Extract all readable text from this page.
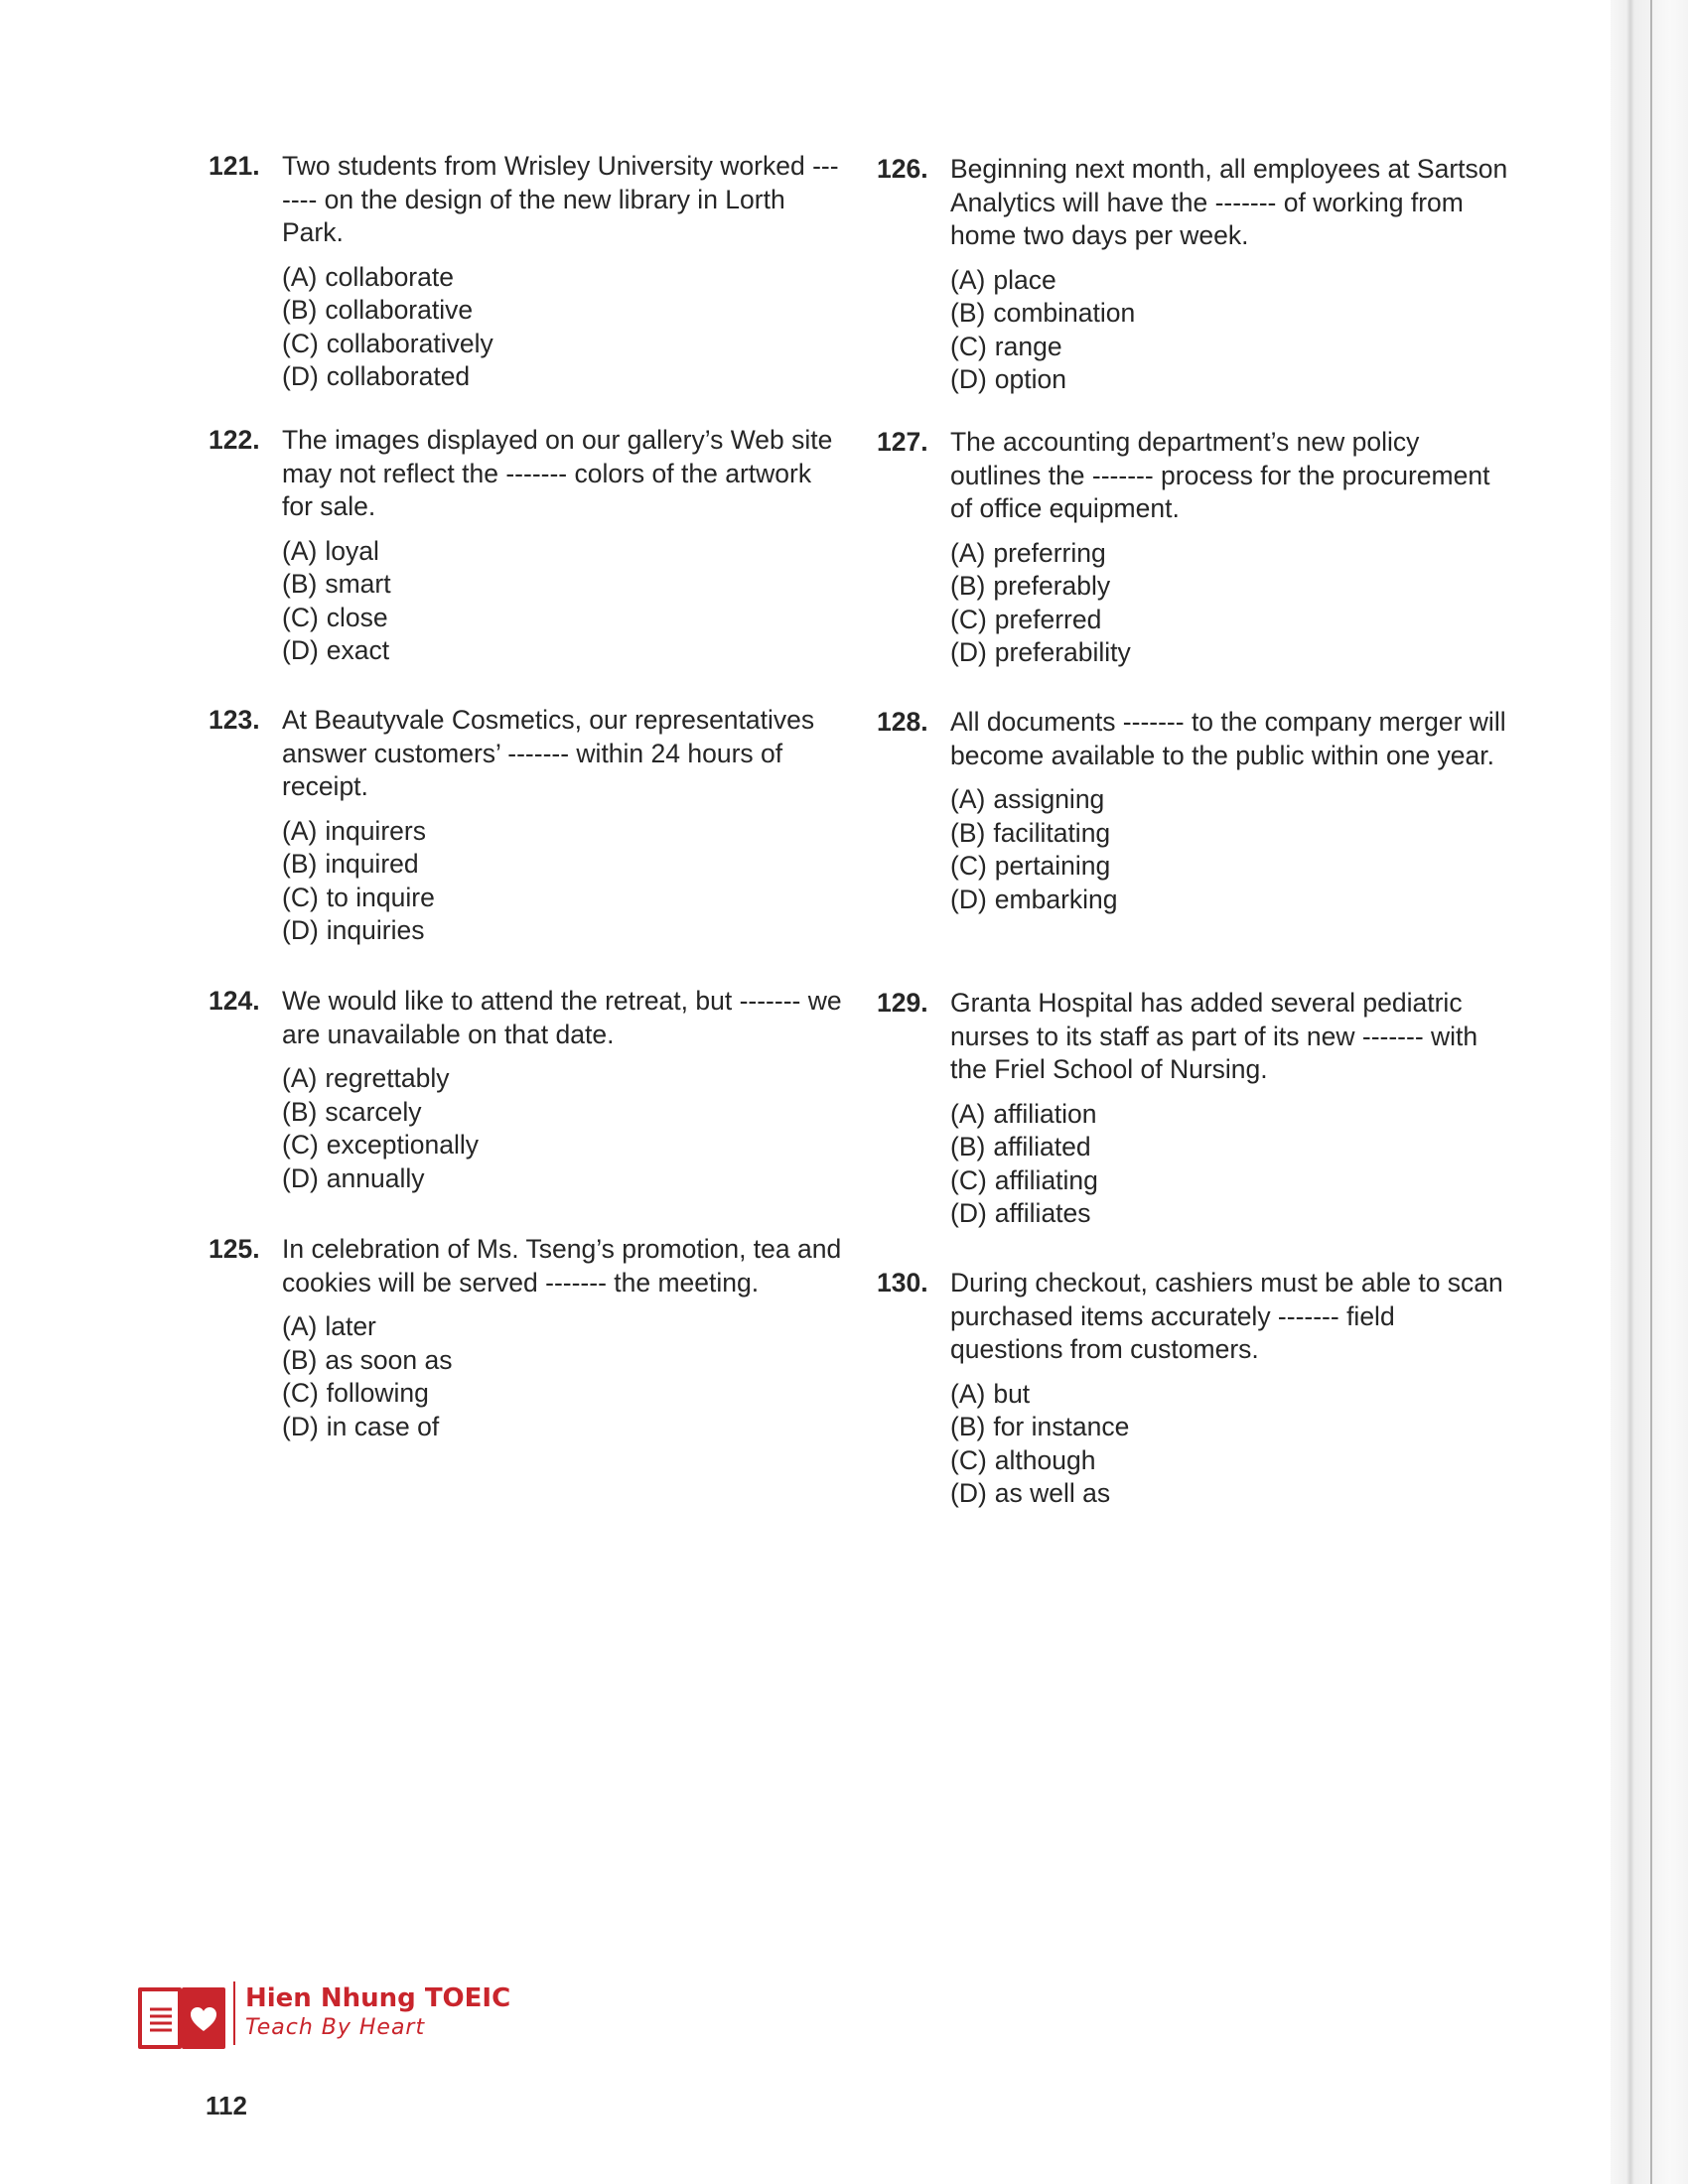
121. Two students from Wrisley University worked ------- on the design of the new library in Lorth Park.
(A) collaborate
(B) collaborative
(C) collaboratively
(D) collaborated
122. The images displayed on our gallery’s Web site may not reflect the ------- colors of the artwork for sale.
(A) loyal
(B) smart
(C) close
(D) exact
123. At Beautyvale Cosmetics, our representatives answer customers’ ------- within 24 hours of receipt.
(A) inquirers
(B) inquired
(C) to inquire
(D) inquiries
124. We would like to attend the retreat, but ------- we are unavailable on that date.
(A) regrettably
(B) scarcely
(C) exceptionally
(D) annually
125. In celebration of Ms. Tseng’s promotion, tea and cookies will be served ------- the meeting.
(A) later
(B) as soon as
(C) following
(D) in case of
126. Beginning next month, all employees at Sartson Analytics will have the ------- of working from home two days per week.
(A) place
(B) combination
(C) range
(D) option
127. The accounting department’s new policy outlines the ------- process for the procurement of office equipment.
(A) preferring
(B) preferably
(C) preferred
(D) preferability
128. All documents ------- to the company merger will become available to the public within one year.
(A) assigning
(B) facilitating
(C) pertaining
(D) embarking
129. Granta Hospital has added several pediatric nurses to its staff as part of its new ------- with the Friel School of Nursing.
(A) affiliation
(B) affiliated
(C) affiliating
(D) affiliates
130. During checkout, cashiers must be able to scan purchased items accurately ------- field questions from customers.
(A) but
(B) for instance
(C) although
(D) as well as
Hien Nhung TOEIC
Teach By Heart
112
